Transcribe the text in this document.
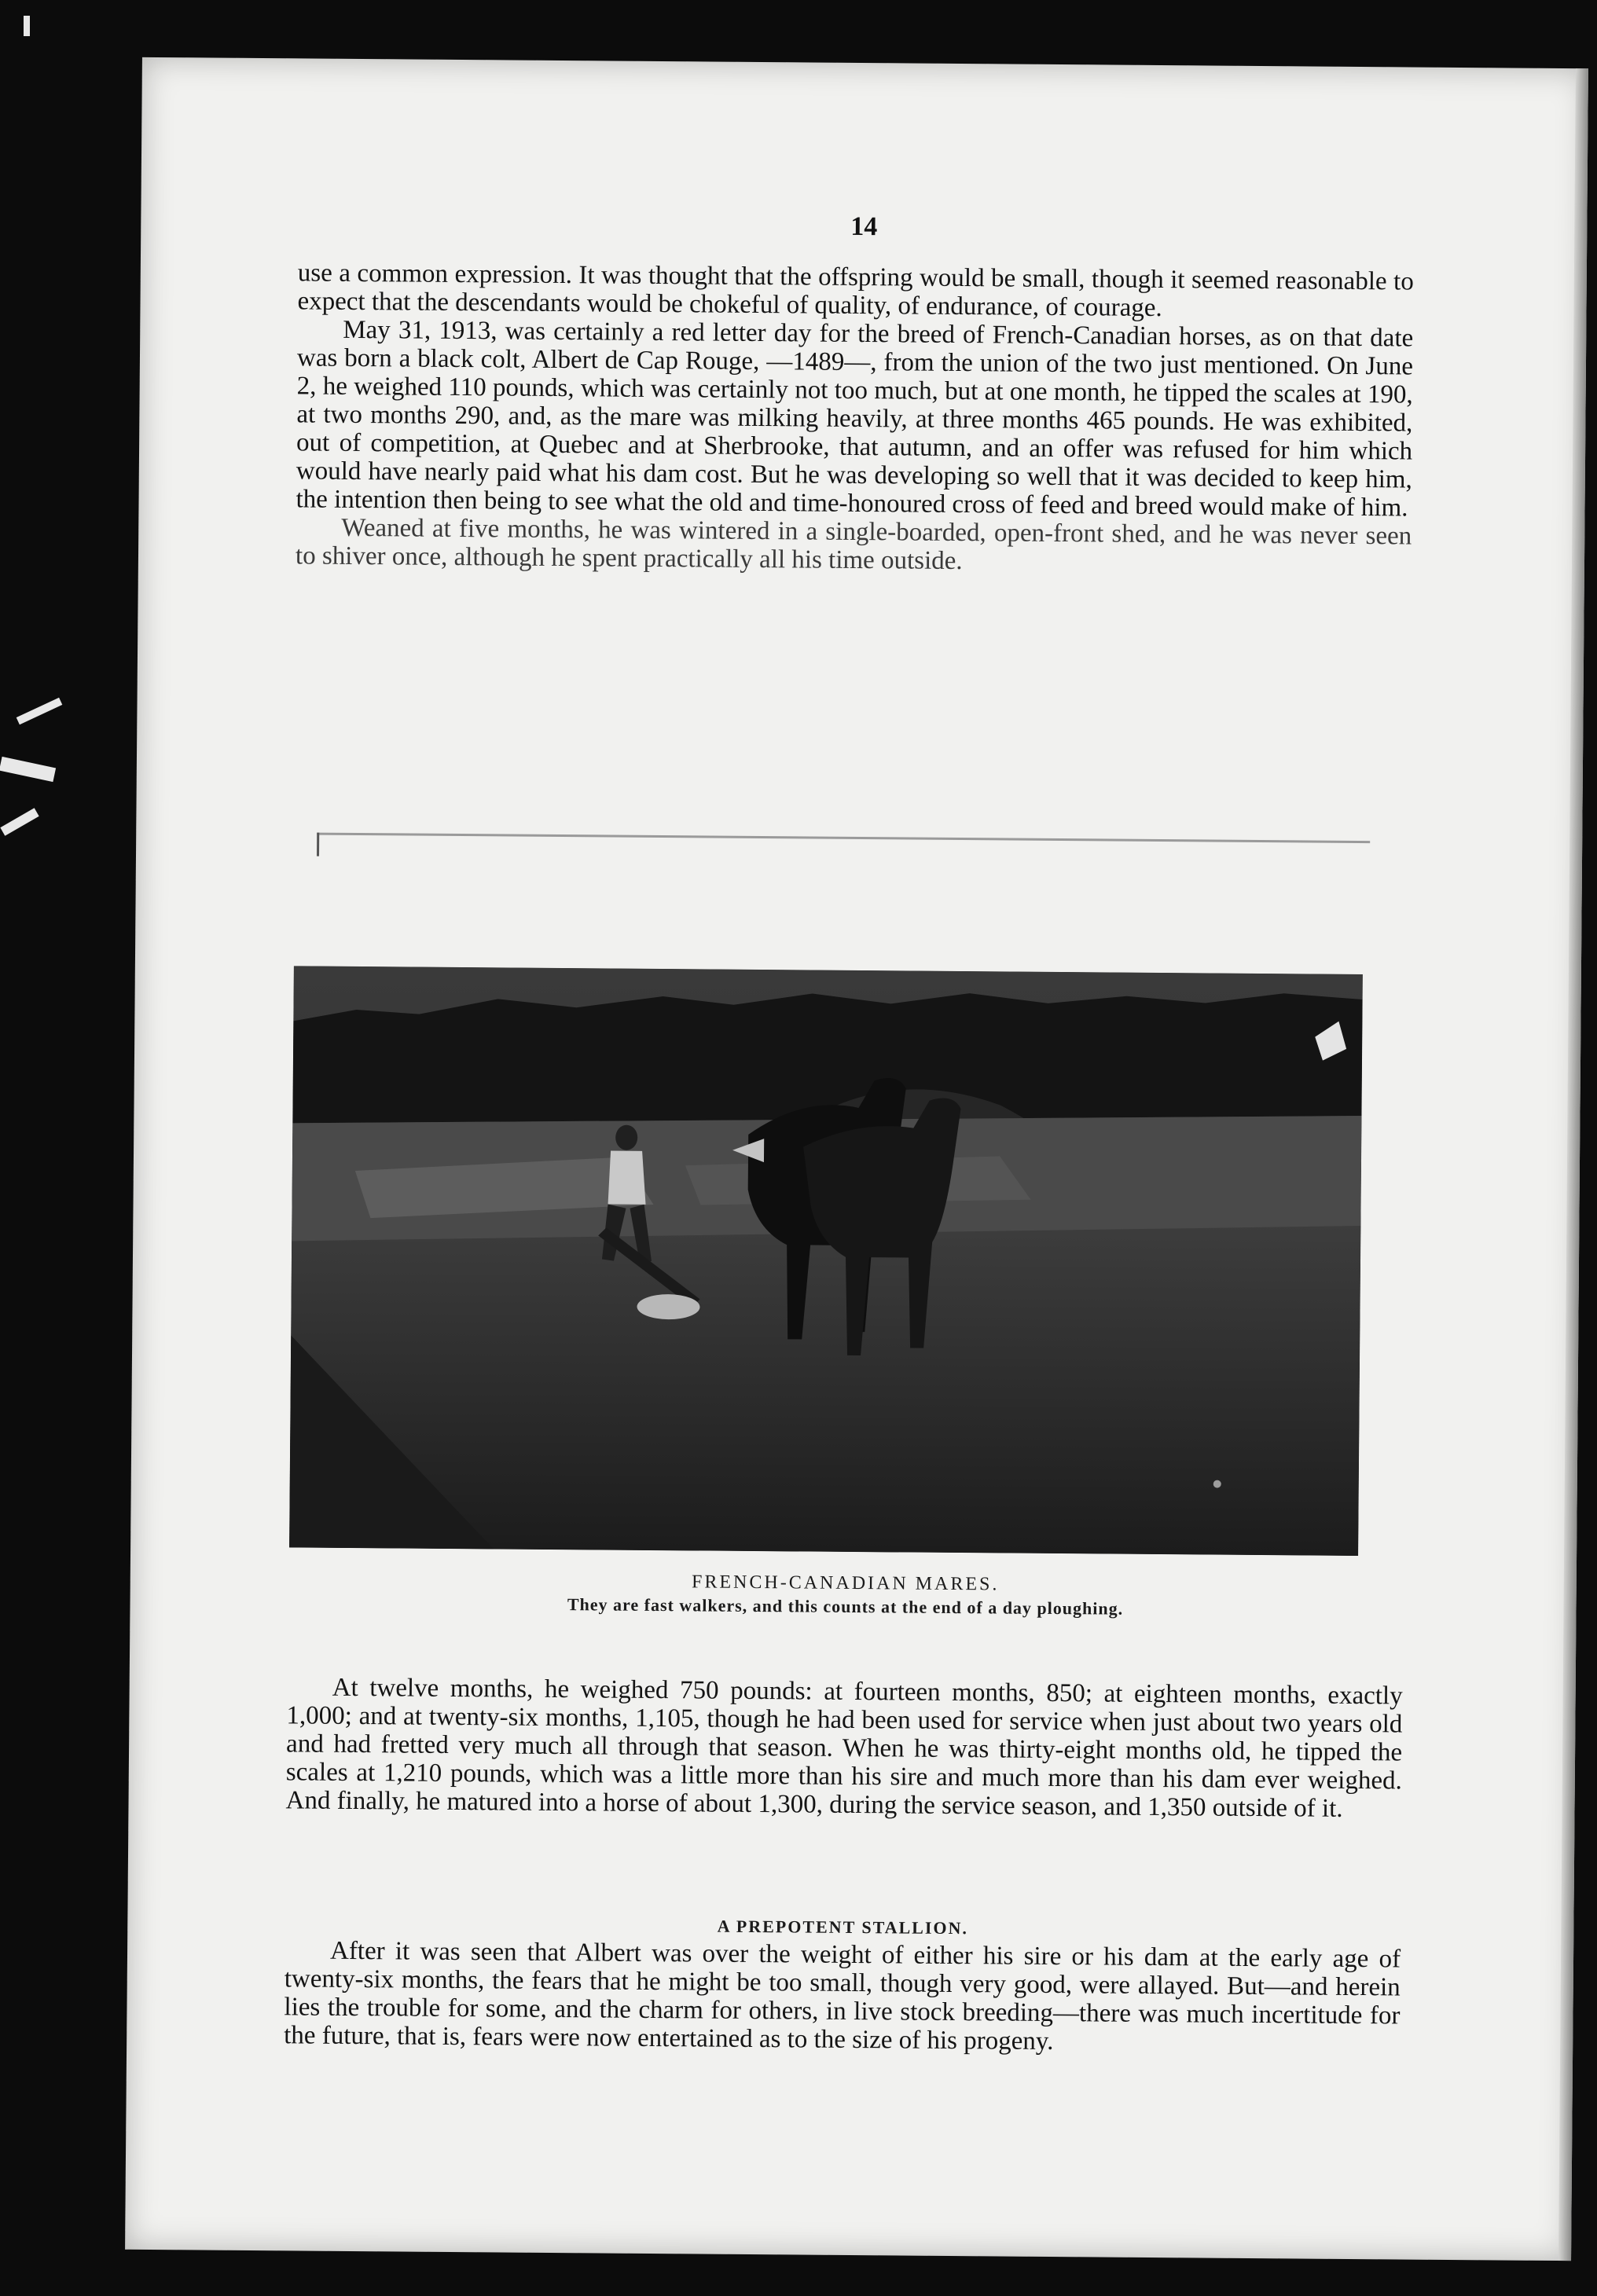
14

use a common expression. It was thought that the offspring would be small, though it seemed reasonable to expect that the descendants would be chokeful of quality, of endurance, of courage.

May 31, 1913, was certainly a red letter day for the breed of French-Canadian horses, as on that date was born a black colt, Albert de Cap Rouge, —1489—, from the union of the two just mentioned. On June 2, he weighed 110 pounds, which was certainly not too much, but at one month, he tipped the scales at 190, at two months 290, and, as the mare was milking heavily, at three months 465 pounds. He was exhibited, out of competition, at Quebec and at Sherbrooke, that autumn, and an offer was refused for him which would have nearly paid what his dam cost. But he was developing so well that it was decided to keep him, the intention then being to see what the old and time-honoured cross of feed and breed would make of him.

Weaned at five months, he was wintered in a single-boarded, open-front shed, and he was never seen to shiver once, although he spent practically all his time outside.

FRENCH-CANADIAN MARES.
They are fast walkers, and this counts at the end of a day ploughing.

At twelve months, he weighed 750 pounds: at fourteen months, 850; at eighteen months, exactly 1,000; and at twenty-six months, 1,105, though he had been used for service when just about two years old and had fretted very much all through that season. When he was thirty-eight months old, he tipped the scales at 1,210 pounds, which was a little more than his sire and much more than his dam ever weighed. And finally, he matured into a horse of about 1,300, during the service season, and 1,350 outside of it.

A PREPOTENT STALLION.

After it was seen that Albert was over the weight of either his sire or his dam at the early age of twenty-six months, the fears that he might be too small, though very good, were allayed. But—and herein lies the trouble for some, and the charm for others, in live stock breeding—there was much incertitude for the future, that is, fears were now entertained as to the size of his progeny.
